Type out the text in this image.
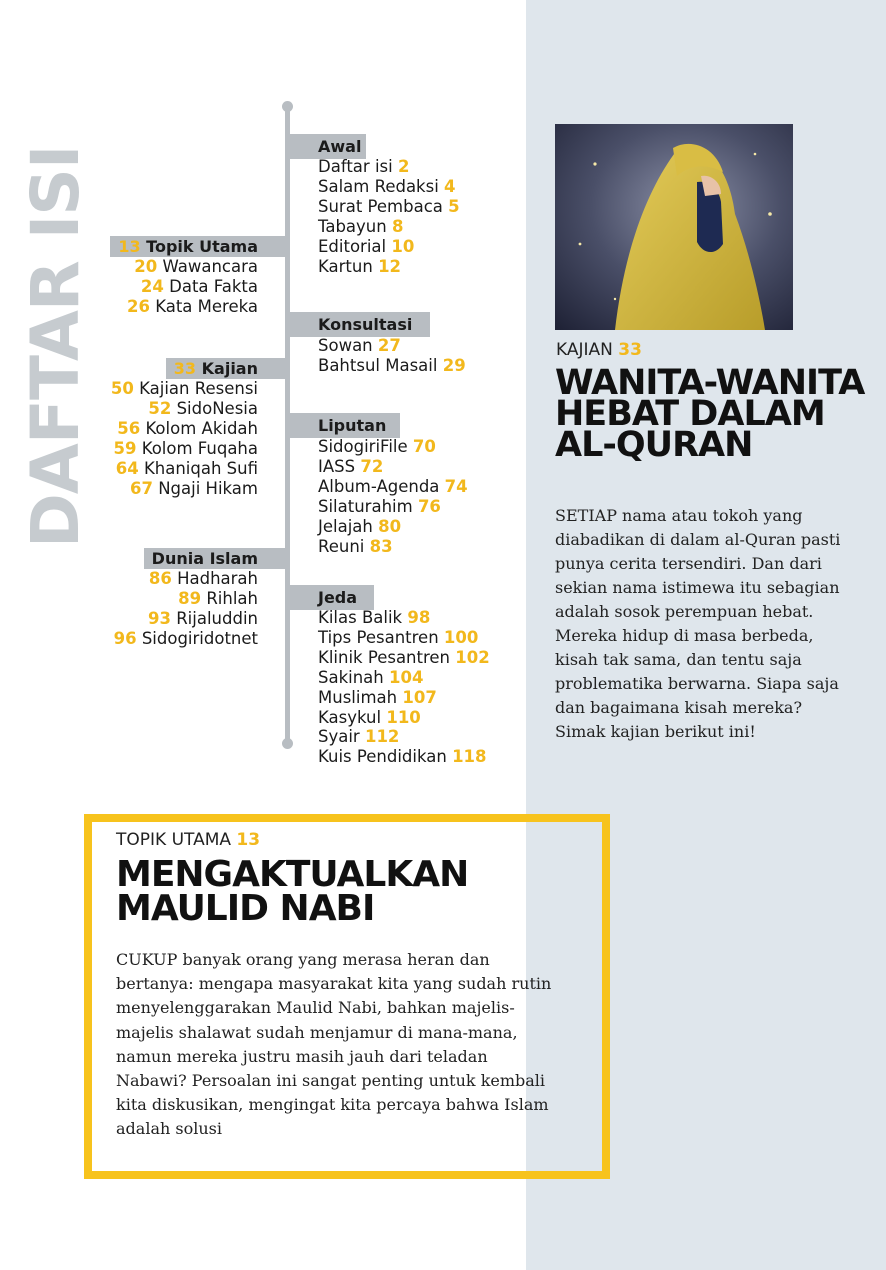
DAFTAR ISI	Awal
Daftar isi 2
Salam Redaksi 4
Surat Pembaca 5
Tabayun 8
Editorial 10
Kartun 12
Konsultasi
Sowan 27
Bahtsul Masail 29
Liputan
SidogiriFile 70
IASS 72
Album-Agenda 74
Silaturahim 76
Jelajah 80
Reuni 83
Jeda
Kilas Balik 98
Tips Pesantren 100
Klinik Pesantren 102
Sakinah 104
Muslimah 107
Kasykul 110
Syair 112
Kuis Pendidikan 118
13 Topik Utama
20 Wawancara
24 Data Fakta
26 Kata Mereka
33 Kajian
50 Kajian Resensi
52 SidoNesia
56 Kolom Akidah
59 Kolom Fuqaha
64 Khaniqah Sufi
67 Ngaji Hikam
Dunia Islam
86 Hadharah
89 Rihlah
93 Rijaluddin
96 Sidogiridotnet
KAJIAN 33
WANITA-WANITA HEBAT DALAM AL-QURAN
SETIAP nama atau tokoh yang diabadikan di dalam al-Quran pasti punya cerita tersendiri. Dan dari sekian nama istimewa itu sebagian adalah sosok perempuan hebat. Mereka hidup di masa berbeda, kisah tak sama, dan tentu saja problematika berwarna. Siapa saja dan bagaimana kisah mereka? Simak kajian berikut ini!
TOPIK UTAMA 13
MENGAKTUALKAN MAULID NABI
CUKUP banyak orang yang merasa heran dan bertanya: mengapa masyarakat kita yang sudah rutin menyelenggarakan Maulid Nabi, bahkan majelis-majelis shalawat sudah menjamur di mana-mana, namun mereka justru masih jauh dari teladan Nabawi? Persoalan ini sangat penting untuk kembali kita diskusikan, mengingat kita percaya bahwa Islam adalah solusi
